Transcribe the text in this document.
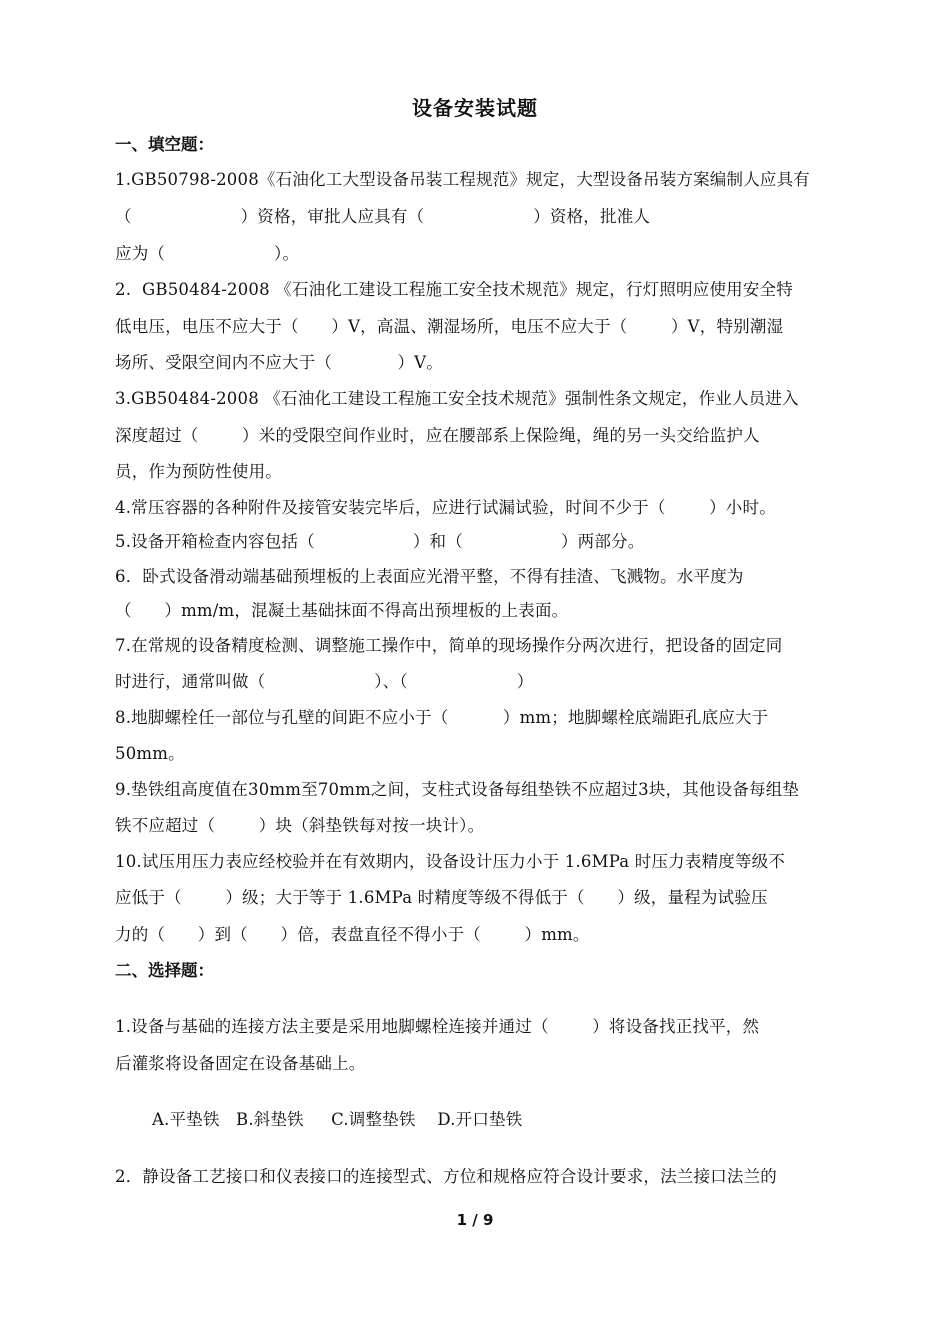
设备安装试题
一、填空题：
1.GB50798-2008《石油化工大型设备吊装工程规范》规定，大型设备吊装方案编制人应具有
（                    ）资格，审批人应具有（                    ）资格，批准人
应为（                    ）。
2.  GB50484-2008 《石油化工建设工程施工安全技术规范》规定，行灯照明应使用安全特
低电压，电压不应大于（      ）V，高温、潮湿场所，电压不应大于（        ）V，特别潮湿
场所、受限空间内不应大于（            ）V。
3.GB50484-2008 《石油化工建设工程施工安全技术规范》强制性条文规定，作业人员进入
深度超过（        ）米的受限空间作业时，应在腰部系上保险绳，绳的另一头交给监护人
员，作为预防性使用。
4.常压容器的各种附件及接管安装完毕后，应进行试漏试验，时间不少于（        ）小时。
5.设备开箱检查内容包括（                  ）和（                  ）两部分。
6．卧式设备滑动端基础预埋板的上表面应光滑平整，不得有挂渣、飞溅物。水平度为
（      ）mm/m，混凝土基础抹面不得高出预埋板的上表面。
7.在常规的设备精度检测、调整施工操作中，简单的现场操作分两次进行，把设备的固定同
时进行，通常叫做（                    ）、（                    ）
8.地脚螺栓任一部位与孔壁的间距不应小于（          ）mm；地脚螺栓底端距孔底应大于
50mm。
9.垫铁组高度值在30mm至70mm之间，支柱式设备每组垫铁不应超过3块，其他设备每组垫
铁不应超过（        ）块（斜垫铁每对按一块计）。
10.试压用压力表应经校验并在有效期内，设备设计压力小于 1.6MPa 时压力表精度等级不
应低于（        ）级；大于等于 1.6MPa 时精度等级不得低于（      ）级，量程为试验压
力的（      ）到（      ）倍，表盘直径不得小于（        ）mm。
二、选择题：
1.设备与基础的连接方法主要是采用地脚螺栓连接并通过（        ）将设备找正找平，然
后灌浆将设备固定在设备基础上。
A.平垫铁   B.斜垫铁     C.调整垫铁    D.开口垫铁
2．静设备工艺接口和仪表接口的连接型式、方位和规格应符合设计要求，法兰接口法兰的
1 / 9
